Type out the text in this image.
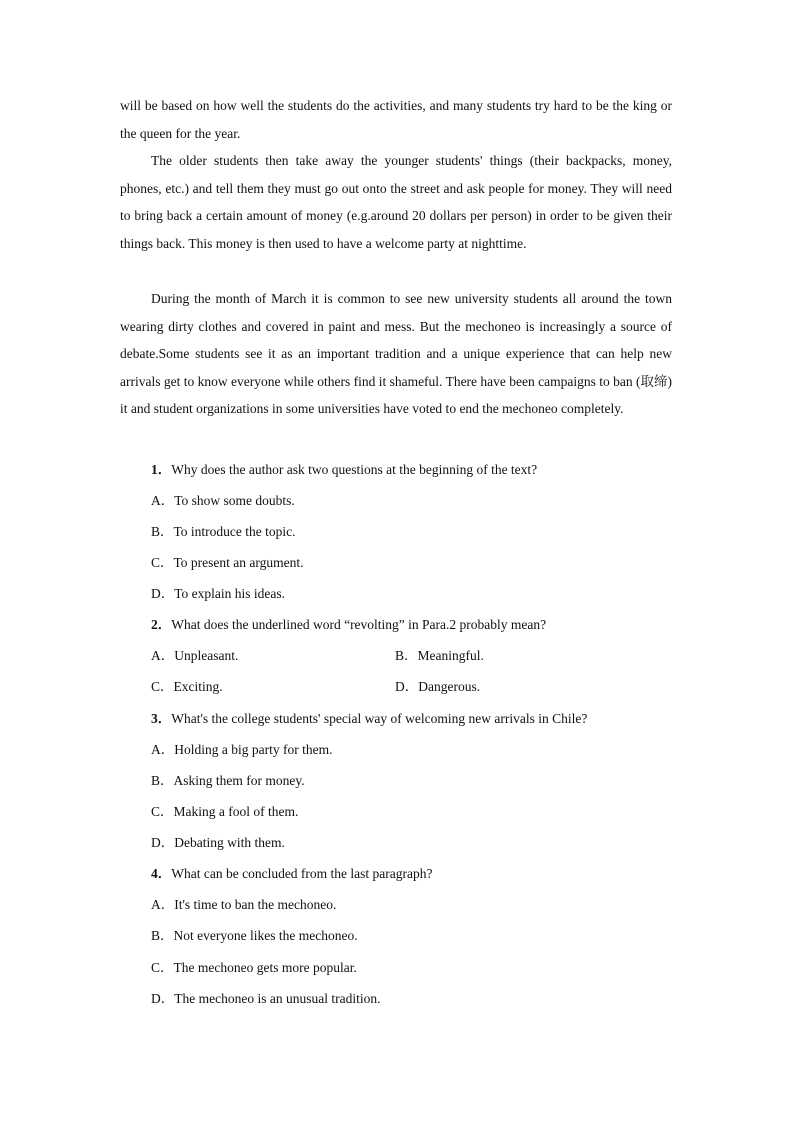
will be based on how well the students do the activities, and many students try hard to be the king or the queen for the year.

The older students then take away the younger students' things (their backpacks, money, phones, etc.) and tell them they must go out onto the street and ask people for money. They will need to bring back a certain amount of money (e.g.around 20 dollars per person) in order to be given their things back. This money is then used to have a welcome party at nighttime.

During the month of March it is common to see new university students all around the town wearing dirty clothes and covered in paint and mess. But the mechoneo is increasingly a source of debate.Some students see it as an important tradition and a unique experience that can help new arrivals get to know everyone while others find it shameful. There have been campaigns to ban (取缔) it and student organizations in some universities have voted to end the mechoneo completely.

1．Why does the author ask two questions at the beginning of the text?

A．To show some doubts.

B．To introduce the topic.

C．To present an argument.

D．To explain his ideas.

2．What does the underlined word “revolting” in Para.2 probably mean?

A．Unpleasant.	B．Meaningful.

C．Exciting.	D．Dangerous.

3．What's the college students' special way of welcoming new arrivals in Chile?

A．Holding a big party for them.

B．Asking them for money.

C．Making a fool of them.

D．Debating with them.

4．What can be concluded from the last paragraph?

A．It's time to ban the mechoneo.

B．Not everyone likes the mechoneo.

C．The mechoneo gets more popular.

D．The mechoneo is an unusual tradition.
